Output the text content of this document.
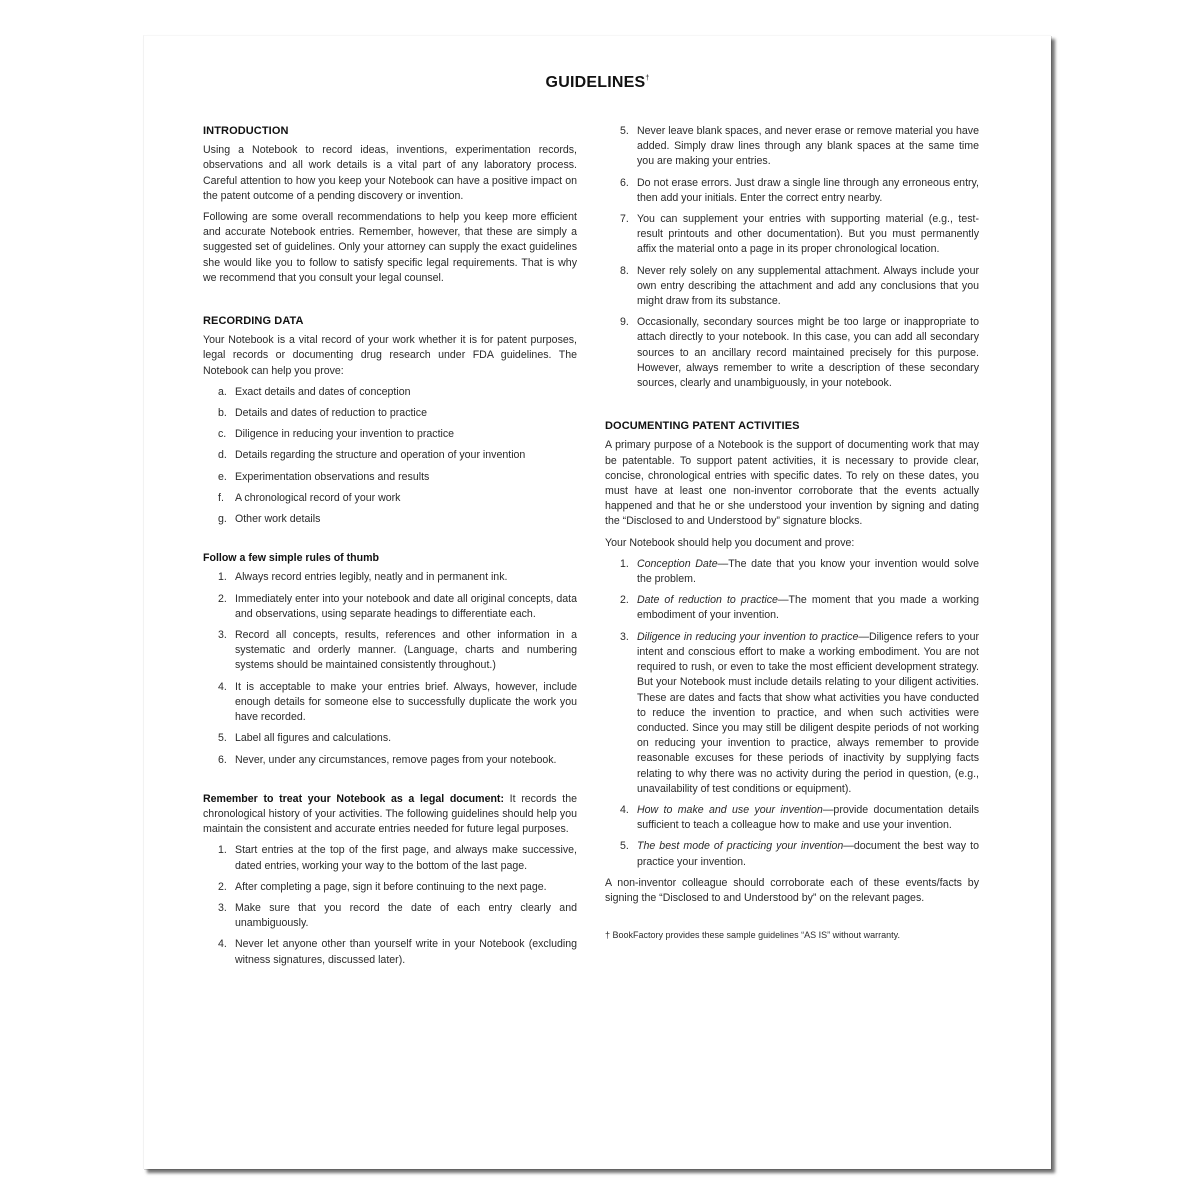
GUIDELINES†
INTRODUCTION

Using a Notebook to record ideas, inventions, experimentation records, observations and all work details is a vital part of any laboratory process. Careful attention to how you keep your Notebook can have a positive impact on the patent outcome of a pending discovery or invention.

Following are some overall recommendations to help you keep more efficient and accurate Notebook entries. Remember, however, that these are simply a suggested set of guidelines. Only your attorney can supply the exact guidelines she would like you to follow to satisfy specific legal requirements. That is why we recommend that you consult your legal counsel.

RECORDING DATA

Your Notebook is a vital record of your work whether it is for patent purposes, legal records or documenting drug research under FDA guidelines. The Notebook can help you prove:

a. Exact details and dates of conception
b. Details and dates of reduction to practice
c. Diligence in reducing your invention to practice
d. Details regarding the structure and operation of your invention
e. Experimentation observations and results
f. A chronological record of your work
g. Other work details
Follow a few simple rules of thumb
1. Always record entries legibly, neatly and in permanent ink.
2. Immediately enter into your notebook and date all original concepts, data and observations, using separate headings to differentiate each.
3. Record all concepts, results, references and other information in a systematic and orderly manner. (Language, charts and numbering systems should be maintained consistently throughout.)
4. It is acceptable to make your entries brief. Always, however, include enough details for someone else to successfully duplicate the work you have recorded.
5. Label all figures and calculations.
6. Never, under any circumstances, remove pages from your notebook.

Remember to treat your Notebook as a legal document: It records the chronological history of your activities. The following guidelines should help you maintain the consistent and accurate entries needed for future legal purposes.

1. Start entries at the top of the first page, and always make successive, dated entries, working your way to the bottom of the last page.
2. After completing a page, sign it before continuing to the next page.
3. Make sure that you record the date of each entry clearly and unambiguously.
4. Never let anyone other than yourself write in your Notebook (excluding witness signatures, discussed later).
5. Never leave blank spaces, and never erase or remove material you have added. Simply draw lines through any blank spaces at the same time you are making your entries.
6. Do not erase errors. Just draw a single line through any erroneous entry, then add your initials. Enter the correct entry nearby.
7. You can supplement your entries with supporting material (e.g., test-result printouts and other documentation). But you must permanently affix the material onto a page in its proper chronological location.
8. Never rely solely on any supplemental attachment. Always include your own entry describing the attachment and add any conclusions that you might draw from its substance.
9. Occasionally, secondary sources might be too large or inappropriate to attach directly to your notebook. In this case, you can add all secondary sources to an ancillary record maintained precisely for this purpose. However, always remember to write a description of these secondary sources, clearly and unambiguously, in your notebook.
DOCUMENTING PATENT ACTIVITIES

A primary purpose of a Notebook is the support of documenting work that may be patentable. To support patent activities, it is necessary to provide clear, concise, chronological entries with specific dates. To rely on these dates, you must have at least one non-inventor corroborate that the events actually happened and that he or she understood your invention by signing and dating the “Disclosed to and Understood by” signature blocks.

Your Notebook should help you document and prove:

1. Conception Date—The date that you know your invention would solve the problem.
2. Date of reduction to practice—The moment that you made a working embodiment of your invention.
3. Diligence in reducing your invention to practice—Diligence refers to your intent and conscious effort to make a working embodiment. You are not required to rush, or even to take the most efficient development strategy. But your Notebook must include details relating to your diligent activities. These are dates and facts that show what activities you have conducted to reduce the invention to practice, and when such activities were conducted. Since you may still be diligent despite periods of not working on reducing your invention to practice, always remember to provide reasonable excuses for these periods of inactivity by supplying facts relating to why there was no activity during the period in question, (e.g., unavailability of test conditions or equipment).
4. How to make and use your invention—provide documentation details sufficient to teach a colleague how to make and use your invention.
5. The best mode of practicing your invention—document the best way to practice your invention.

A non-inventor colleague should corroborate each of these events/facts by signing the “Disclosed to and Understood by” on the relevant pages.

† BookFactory provides these sample guidelines “AS IS” without warranty.
